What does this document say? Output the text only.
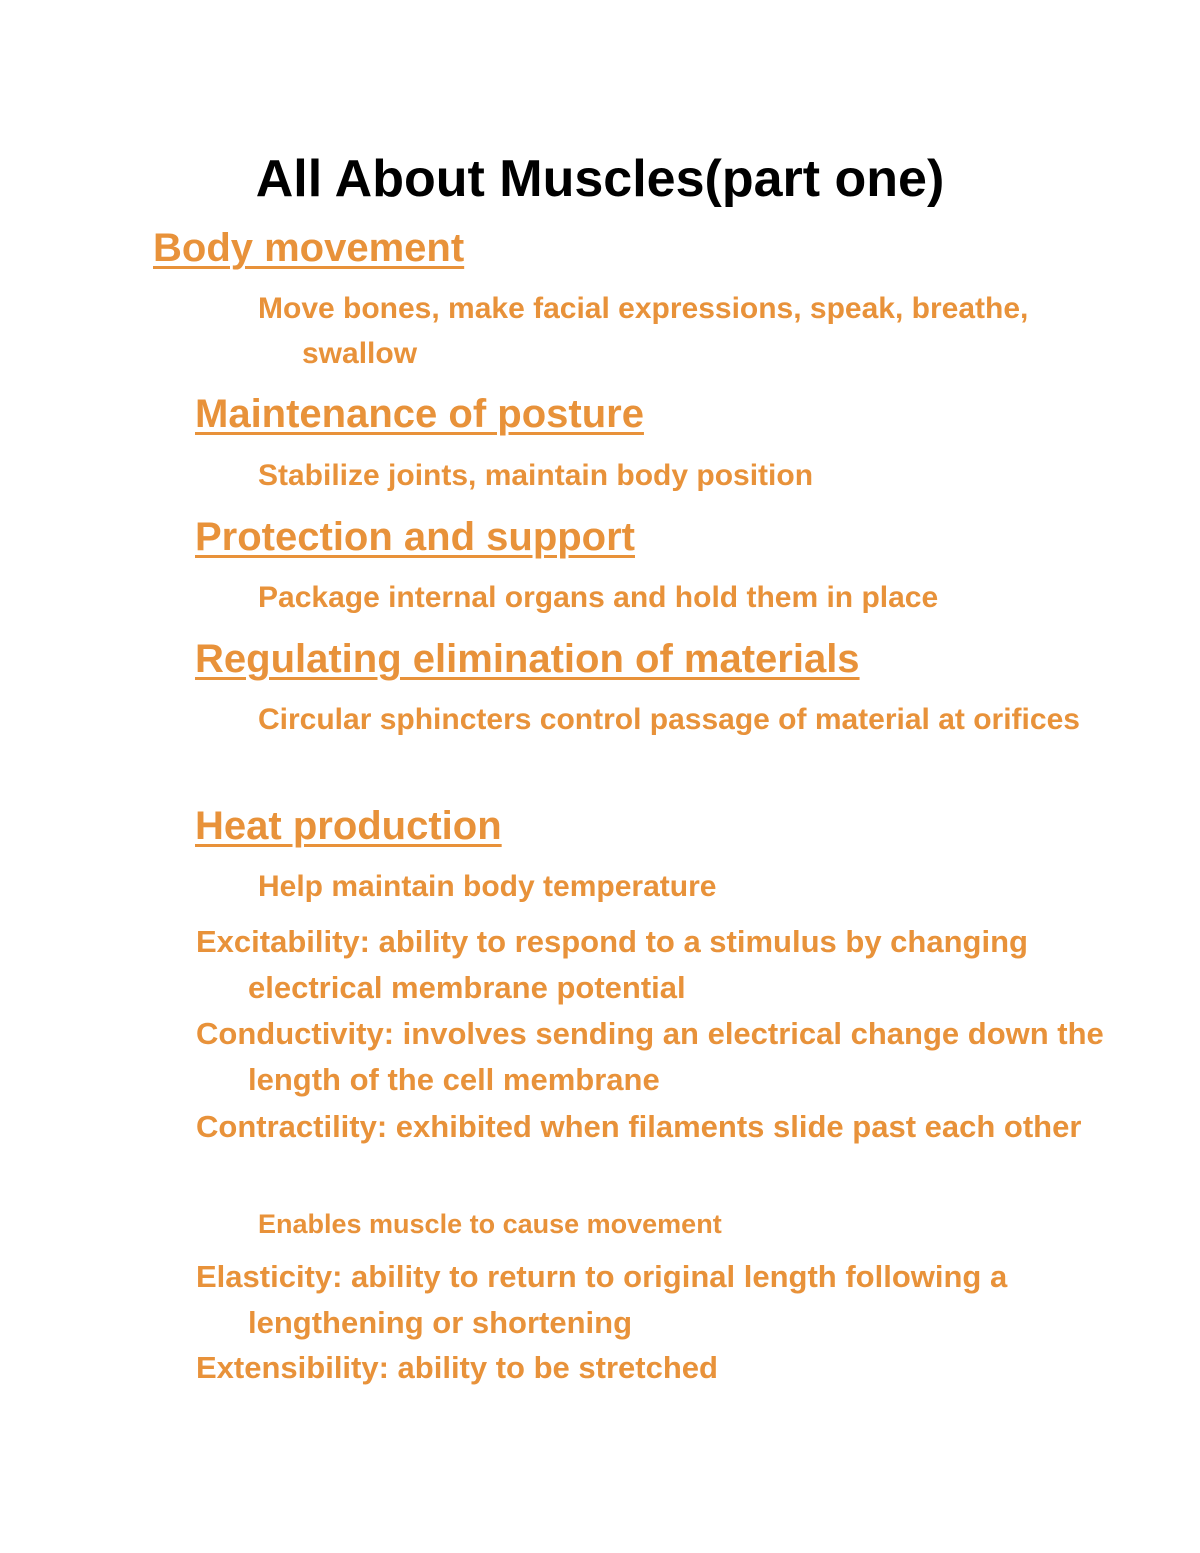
All About Muscles(part one)
Body movement
Move bones, make facial expressions, speak, breathe, swallow
Maintenance of posture
Stabilize joints, maintain body position
Protection and support
Package internal organs and hold them in place
Regulating elimination of materials
Circular sphincters control passage of material at orifices
Heat production
Help maintain body temperature
Excitability: ability to respond to a stimulus by changing electrical membrane potential
Conductivity: involves sending an electrical change down the length of the cell membrane
Contractility: exhibited when filaments slide past each other
Enables muscle to cause movement
Elasticity: ability to return to original length following a lengthening or shortening
Extensibility: ability to be stretched
